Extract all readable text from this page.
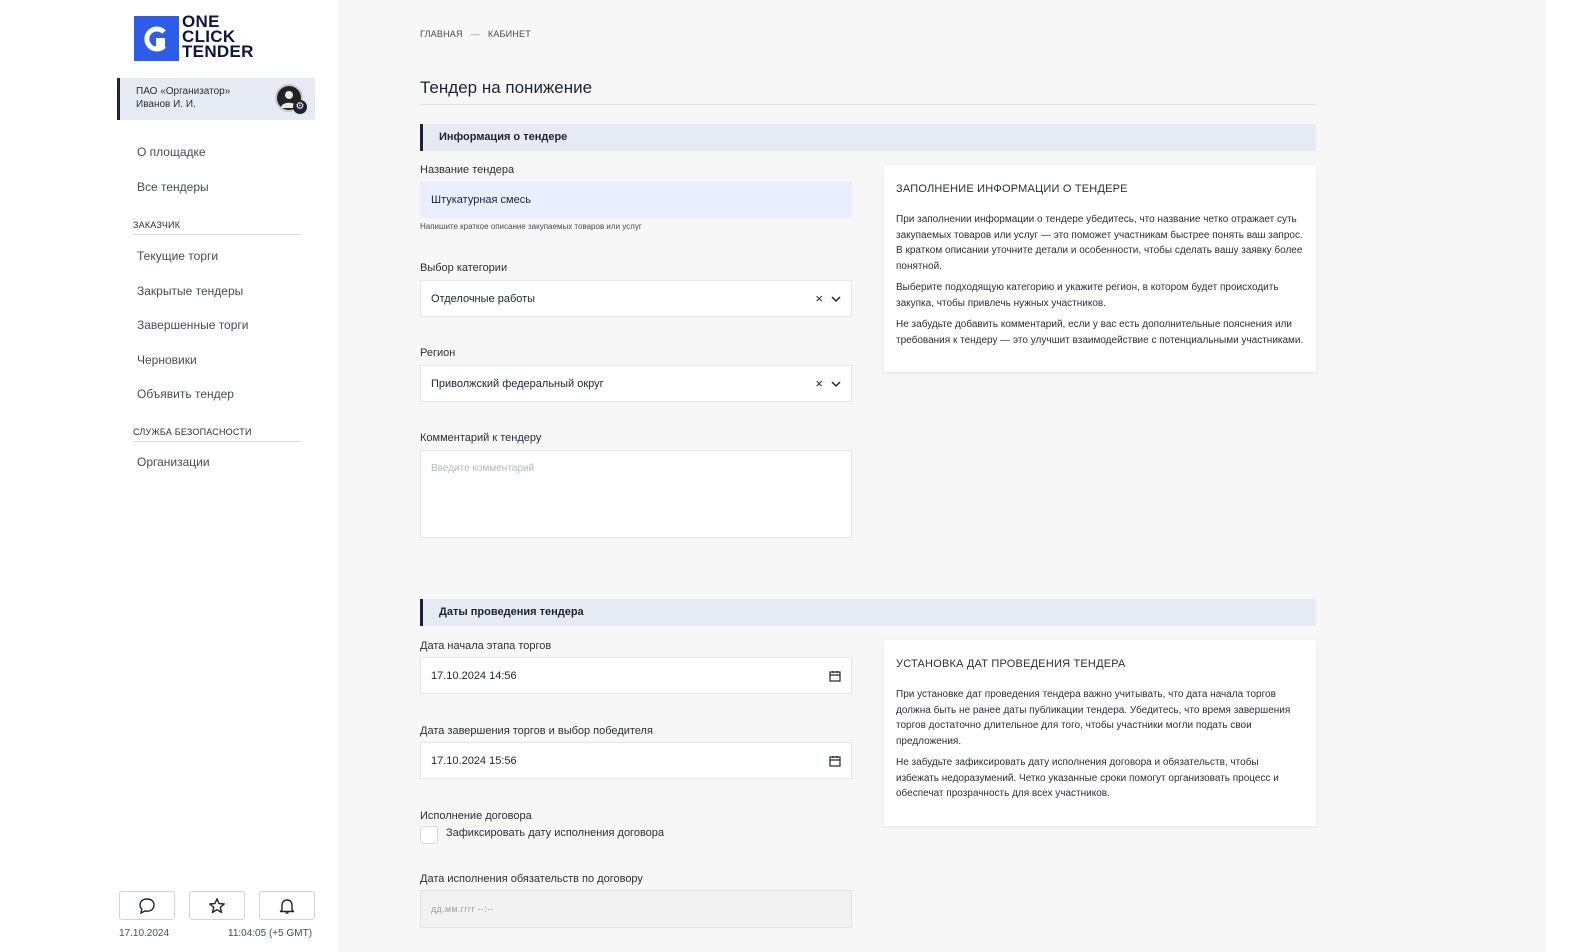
ONE
CLICK
TENDER
ПАО «Организатор»
Иванов И. И.	⚙
О площадке
Все тендеры
ЗАКАЗЧИК
Текущие торги
Закрытые тендеры
Завершенные торги
Черновики
Объявить тендер
СЛУЖБА БЕЗОПАСНОСТИ
Организации
17.10.2024	11:04:05 (+5 GMT)
ГЛАВНАЯ — КАБИНЕТ
Тендер на понижение
Информация о тендере
Название тендера
Штукатурная смесь
Напишите краткое описание закупаемых товаров или услуг
Выбор категории
Отделочные работы	×
Регион
Приволжский федеральный округ	×
Комментарий к тендеру
Введите комментарий
ЗАПОЛНЕНИЕ ИНФОРМАЦИИ О ТЕНДЕРЕ

При заполнении информации о тендере убедитесь, что название четко отражает суть закупаемых товаров или услуг — это поможет участникам быстрее понять ваш запрос. В кратком описании уточните детали и особенности, чтобы сделать вашу заявку более понятной.

Выберите подходящую категорию и укажите регион, в котором будет происходить закупка, чтобы привлечь нужных участников.

Не забудьте добавить комментарий, если у вас есть дополнительные пояснения или требования к тендеру — это улучшит взаимодействие с потенциальными участниками.

Даты проведения тендера
Дата начала этапа торгов
17.10.2024 14:56
Дата завершения торгов и выбор победителя
17.10.2024 15:56
Исполнение договора
Зафиксировать дату исполнения договора
Дата исполнения обязательств по договору
дд.мм.гггг --:--
УСТАНОВКА ДАТ ПРОВЕДЕНИЯ ТЕНДЕРА

При установке дат проведения тендера важно учитывать, что дата начала торгов должна быть не ранее даты публикации тендера. Убедитесь, что время завершения торгов достаточно длительное для того, чтобы участники могли подать свои предложения.

Не забудьте зафиксировать дату исполнения договора и обязательств, чтобы избежать недоразумений. Четко указанные сроки помогут организовать процесс и обеспечат прозрачность для всех участников.
